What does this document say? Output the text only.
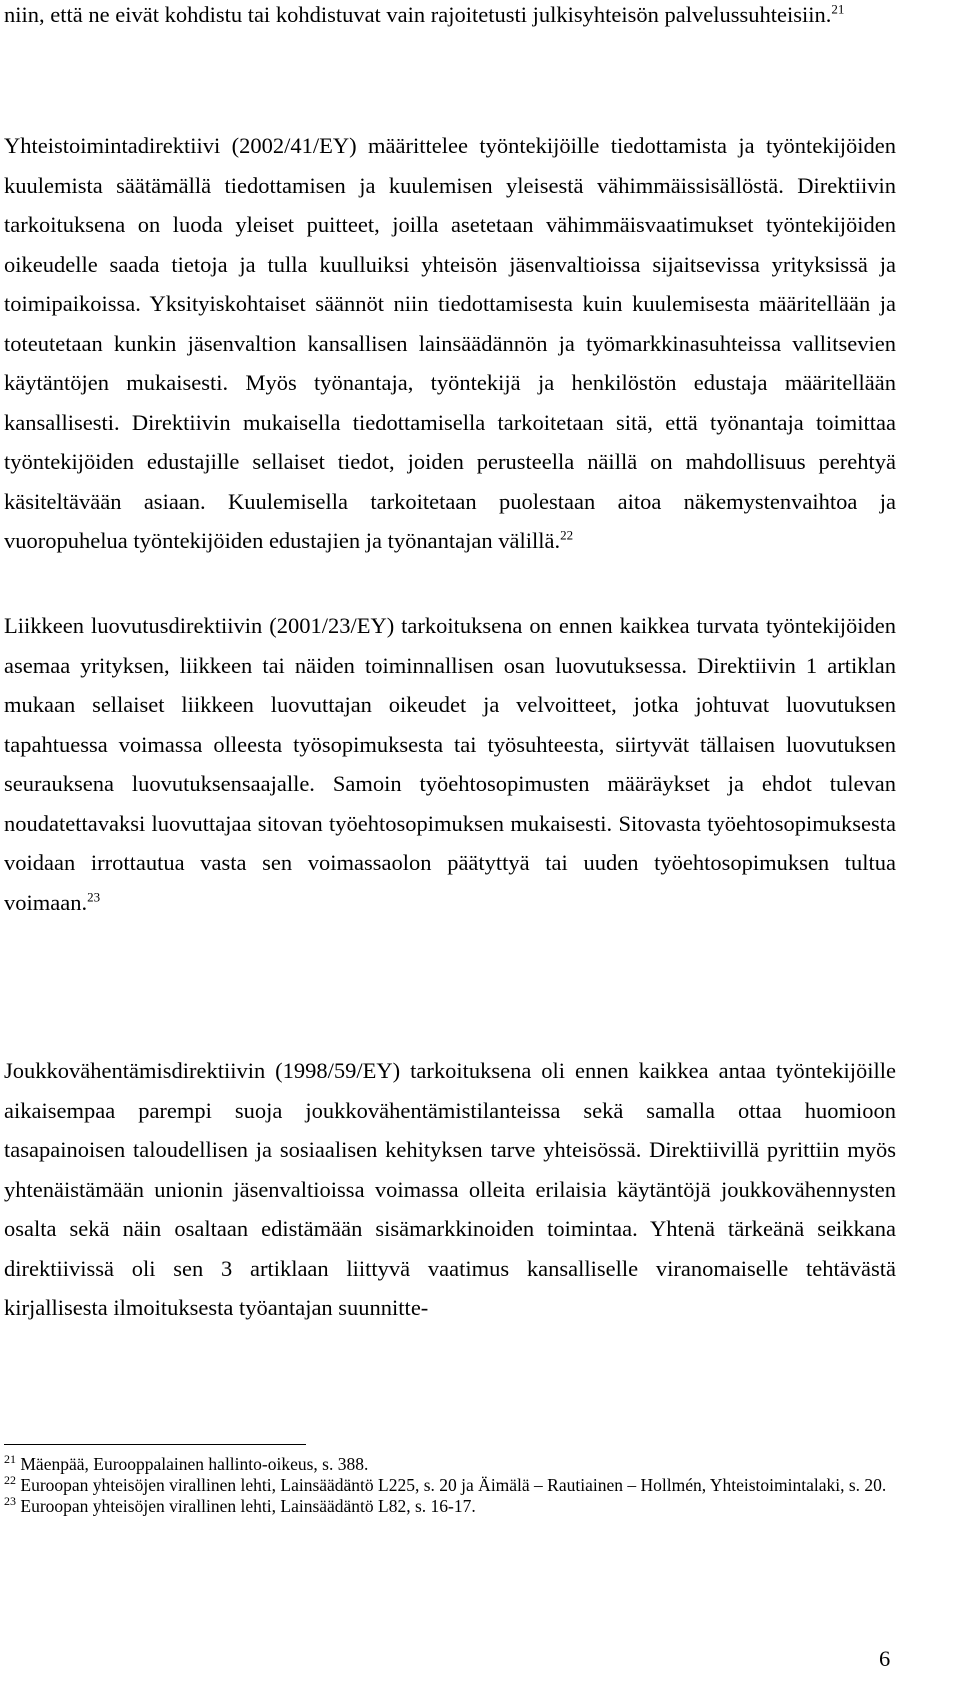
niin, että ne eivät kohdistu tai kohdistuvat vain rajoitetusti julkisyhteisön palvelussuhteisiin.$^{21}$

Yhteistoimintadirektiivi (2002/41/EY) määrittelee työntekijöille tiedottamista ja työntekijöiden kuulemista säätämällä tiedottamisen ja kuulemisen yleisestä vähimmäissisällöstä. Direktiivin tarkoituksena on luoda yleiset puitteet, joilla asetetaan vähimmäisvaatimukset työntekijöiden oikeudelle saada tietoja ja tulla kuulluiksi yhteisön jäsenvaltioissa sijaitsevissa yrityksissä ja toimipaikoissa. Yksityiskohtaiset säännöt niin tiedottamisesta kuin kuulemisesta määritellään ja toteutetaan kunkin jäsenvaltion kansallisen lainsäädännön ja työmarkkinasuhteissa vallitsevien käytäntöjen mukaisesti. Myös työnantaja, työntekijä ja henkilöstön edustaja määritellään kansallisesti. Direktiivin mukaisella tiedottamisella tarkoitetaan sitä, että työnantaja toimittaa työntekijöiden edustajille sellaiset tiedot, joiden perusteella näillä on mahdollisuus perehtyä käsiteltävään asiaan. Kuulemisella tarkoitetaan puolestaan aitoa näkemystenvaihtoa ja vuoropuhelua työntekijöiden edustajien ja työnantajan välillä.$^{22}$

Liikkeen luovutusdirektiivin (2001/23/EY) tarkoituksena on ennen kaikkea turvata työntekijöiden asemaa yrityksen, liikkeen tai näiden toiminnallisen osan luovutuksessa. Direktiivin 1 artiklan mukaan sellaiset liikkeen luovuttajan oikeudet ja velvoitteet, jotka johtuvat luovutuksen tapahtuessa voimassa olleesta työsopimuksesta tai työsuhteesta, siirtyvät tällaisen luovutuksen seurauksena luovutuksensaajalle. Samoin työehtosopimusten määräykset ja ehdot tulevan noudatettavaksi luovuttajaa sitovan työehtosopimuksen mukaisesti. Sitovasta työehtosopimuksesta voidaan irrottautua vasta sen voimassaolon päätyttyä tai uuden työehtosopimuksen tultua voimaan.$^{23}$

Joukkovähentämisdirektiivin (1998/59/EY) tarkoituksena oli ennen kaikkea antaa työntekijöille aikaisempaa parempi suoja joukkovähentämistilanteissa sekä samalla ottaa huomioon tasapainoisen taloudellisen ja sosiaalisen kehityksen tarve yhteisössä. Direktiivillä pyrittiin myös yhtenäistämään unionin jäsenvaltioissa voimassa olleita erilaisia käytäntöjä joukkovähennysten osalta sekä näin osaltaan edistämään sisämarkkinoiden toimintaa. Yhtenä tärkeänä seikkana direktiivissä oli sen 3 artiklaan liittyvä vaatimus kansalliselle viranomaiselle tehtävästä kirjallisesta ilmoituksesta työantajan suunnitte-

$^{21}$ Mäenpää, Eurooppalainen hallinto-oikeus, s. 388.

$^{22}$ Euroopan yhteisöjen virallinen lehti, Lainsäädäntö L225, s. 20 ja Äimälä – Rautiainen – Hollmén, Yhteistoimintalaki, s. 20.

$^{23}$ Euroopan yhteisöjen virallinen lehti, Lainsäädäntö L82, s. 16-17.

6
